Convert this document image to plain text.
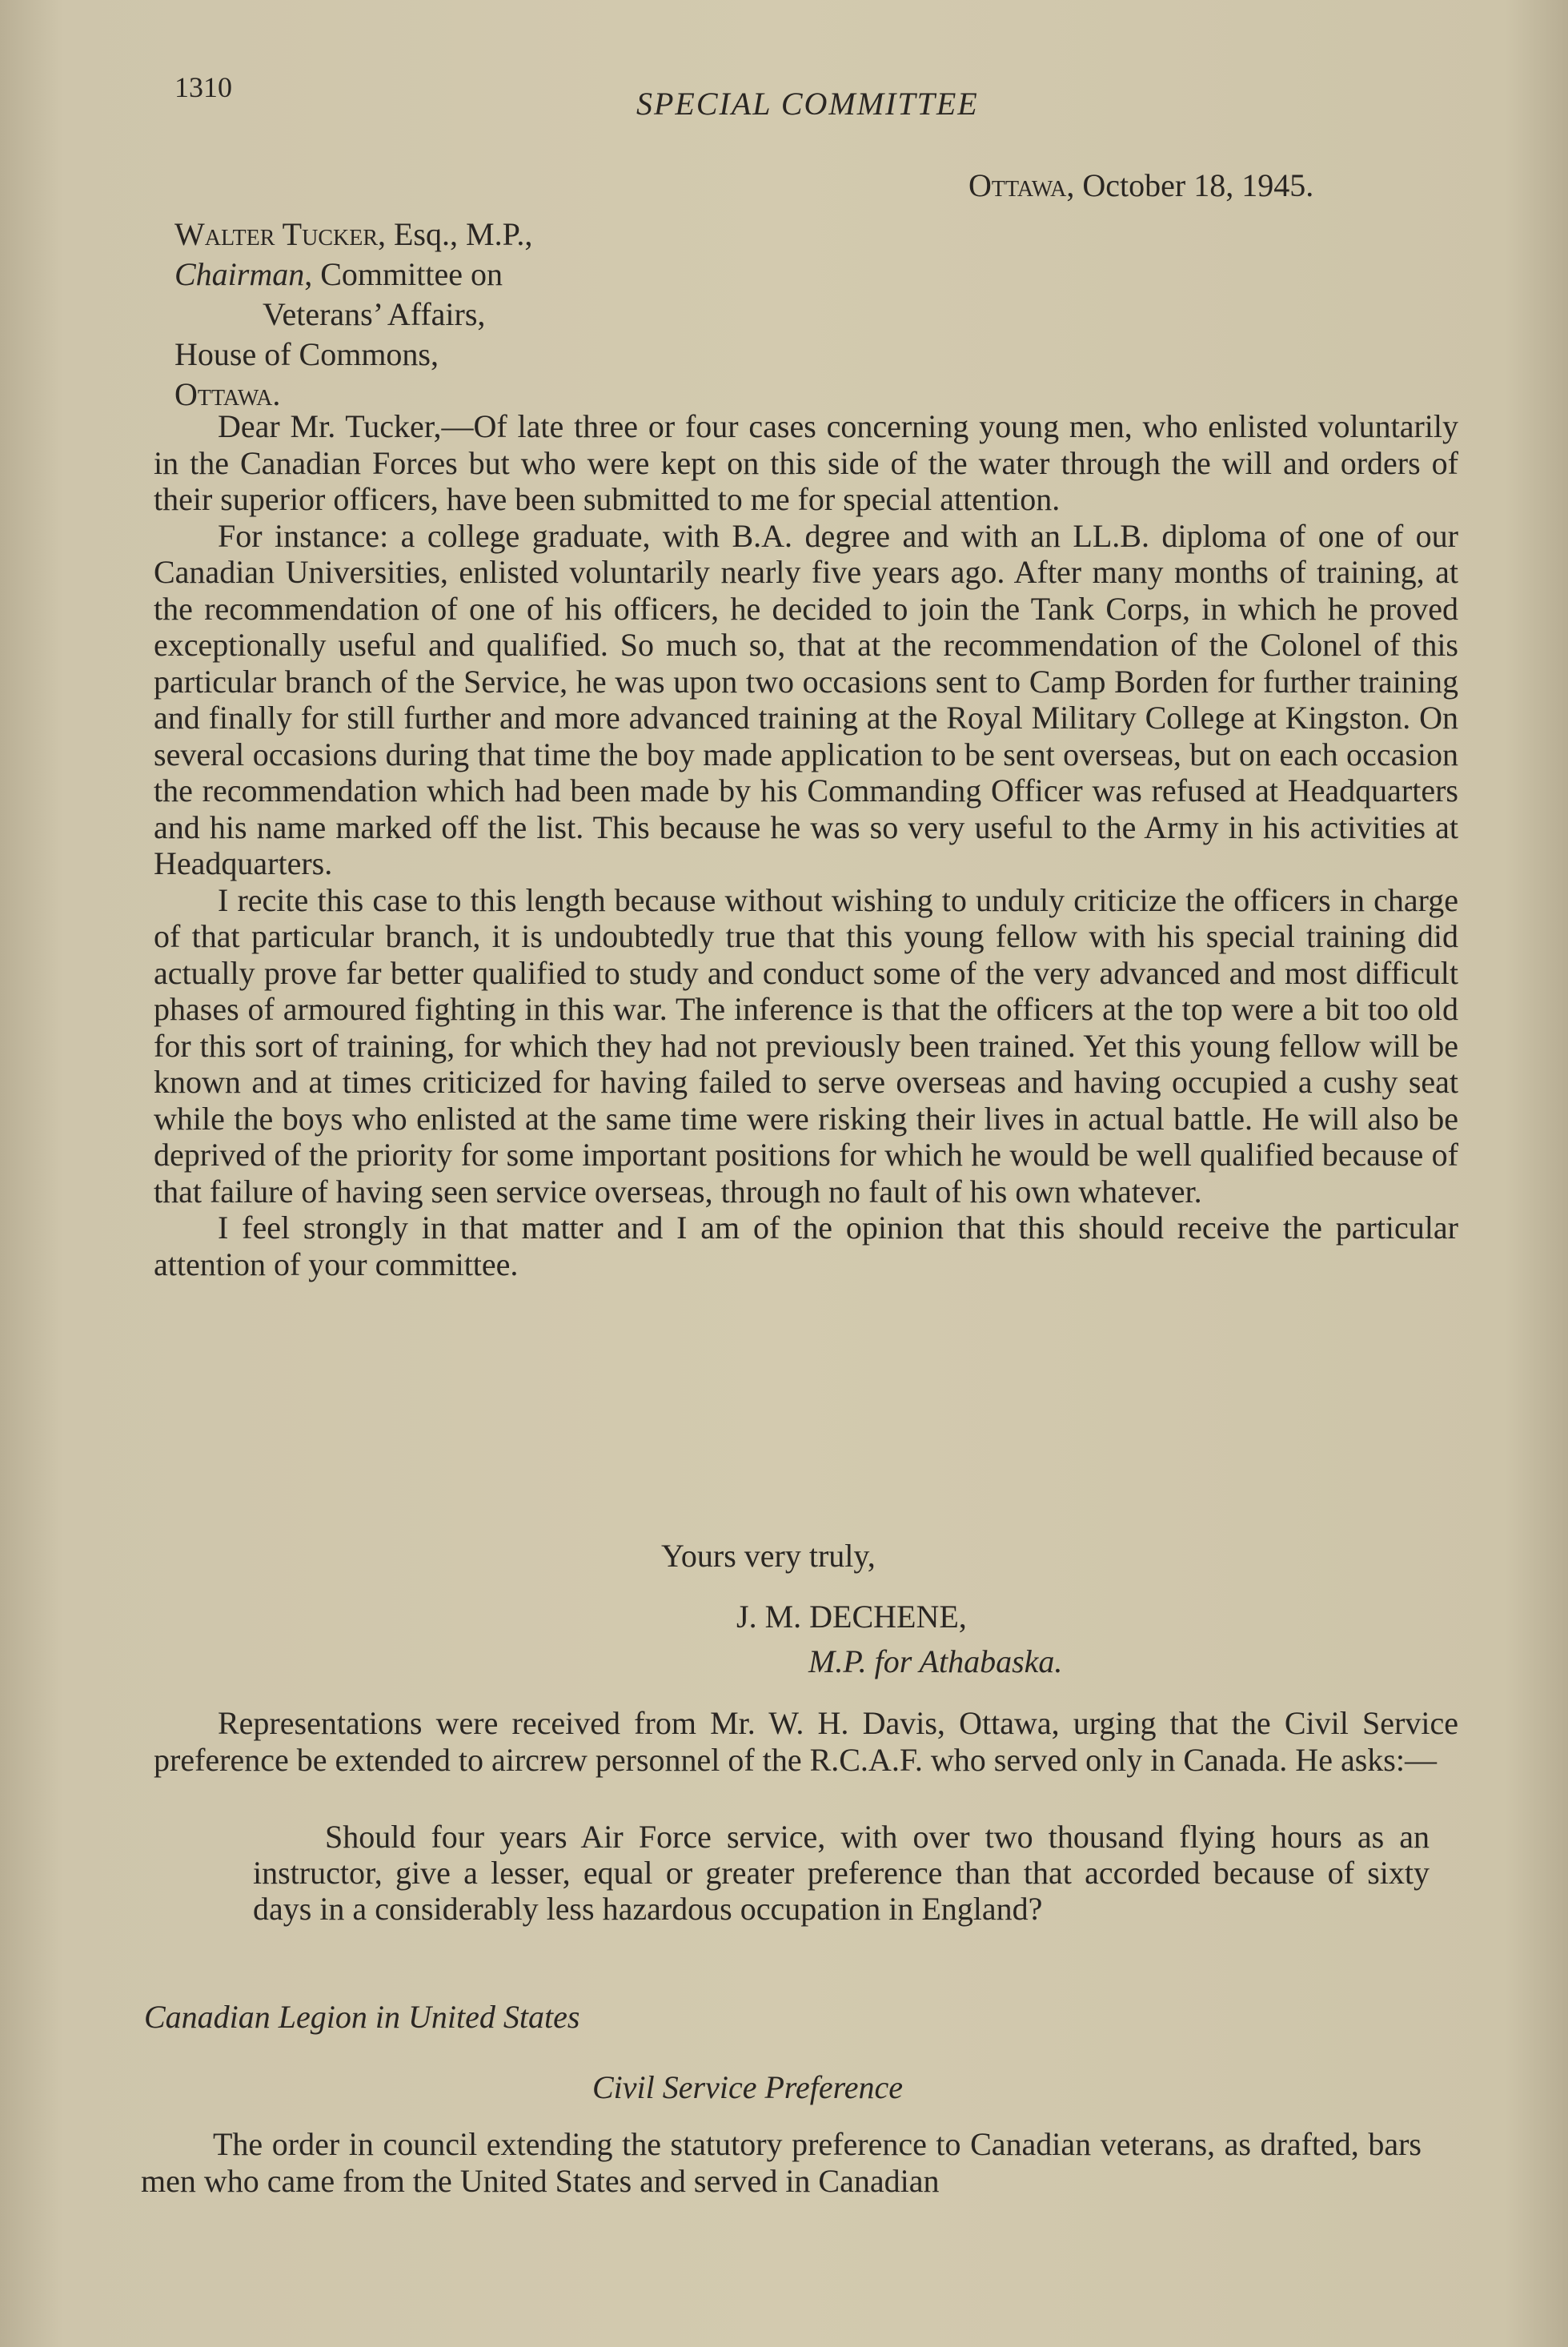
1310	SPECIAL COMMITTEE
Ottawa, October 18, 1945.
Walter Tucker, Esq., M.P.,
Chairman, Committee on
Veterans’ Affairs,
House of Commons,
Ottawa.

Dear Mr. Tucker,—Of late three or four cases concerning young men, who enlisted voluntarily in the Canadian Forces but who were kept on this side of the water through the will and orders of their superior officers, have been submitted to me for special attention.

For instance: a college graduate, with B.A. degree and with an LL.B. diploma of one of our Canadian Universities, enlisted voluntarily nearly five years ago. After many months of training, at the recommendation of one of his officers, he decided to join the Tank Corps, in which he proved exceptionally useful and qualified. So much so, that at the recommendation of the Colonel of this particular branch of the Service, he was upon two occasions sent to Camp Borden for further training and finally for still further and more advanced training at the Royal Military College at Kingston. On several occasions during that time the boy made application to be sent overseas, but on each occasion the recommendation which had been made by his Commanding Officer was refused at Headquarters and his name marked off the list. This because he was so very useful to the Army in his activities at Headquarters.

I recite this case to this length because without wishing to unduly criticize the officers in charge of that particular branch, it is undoubtedly true that this young fellow with his special training did actually prove far better qualified to study and conduct some of the very advanced and most difficult phases of armoured fighting in this war. The inference is that the officers at the top were a bit too old for this sort of training, for which they had not previously been trained. Yet this young fellow will be known and at times criticized for having failed to serve overseas and having occupied a cushy seat while the boys who enlisted at the same time were risking their lives in actual battle. He will also be deprived of the priority for some important positions for which he would be well qualified because of that failure of having seen service overseas, through no fault of his own whatever.

I feel strongly in that matter and I am of the opinion that this should receive the particular attention of your committee.

Yours very truly,
J. M. DECHENE,
M.P. for Athabaska.

Representations were received from Mr. W. H. Davis, Ottawa, urging that the Civil Service preference be extended to aircrew personnel of the R.C.A.F. who served only in Canada. He asks:—

Should four years Air Force service, with over two thousand flying hours as an instructor, give a lesser, equal or greater preference than that accorded because of sixty days in a considerably less hazardous occupation in England?

Canadian Legion in United States
Civil Service Preference

The order in council extending the statutory preference to Canadian veterans, as drafted, bars men who came from the United States and served in Canadian
